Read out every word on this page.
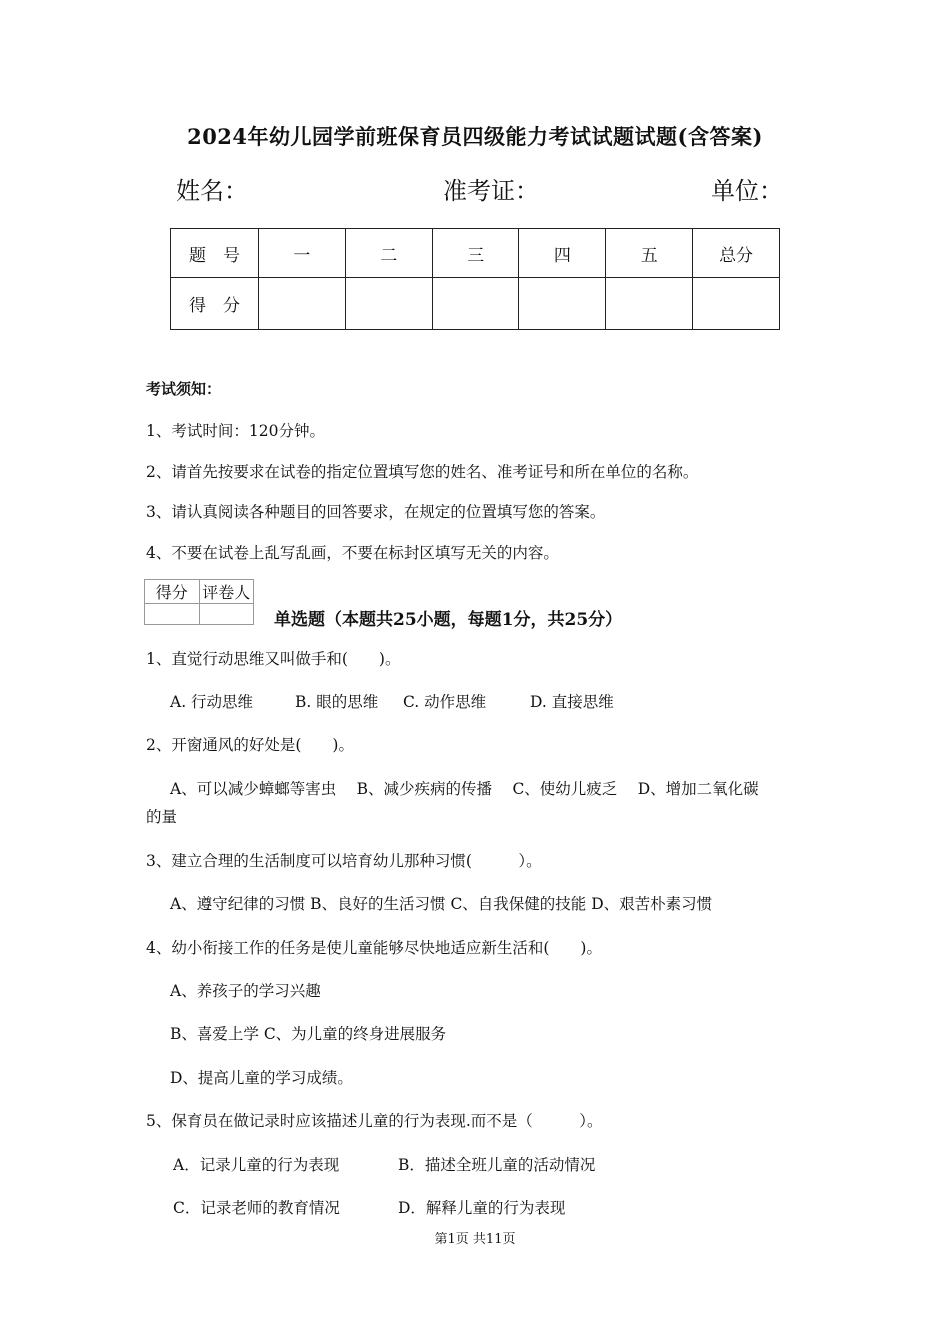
2024年幼儿园学前班保育员四级能力考试试题试题(含答案)
姓名：	准考证：	单位：
题　号	一	二	三	四	五	总分
得　分						
考试须知：
1、考试时间：120分钟。
2、请首先按要求在试卷的指定位置填写您的姓名、准考证号和所在单位的名称。
3、请认真阅读各种题目的回答要求，在规定的位置填写您的答案。
4、不要在试卷上乱写乱画，不要在标封区填写无关的内容。
得分	评卷人

单选题（本题共25小题，每题1分，共25分）
1、直觉行动思维又叫做手和(　　)。
A. 行动思维	B. 眼的思维 C. 动作思维	D. 直接思维
2、开窗通风的好处是(　　)。
A、可以减少蟑螂等害虫　 B、减少疾病的传播　 C、使幼儿疲乏　 D、增加二氧化碳
的量
3、建立合理的生活制度可以培育幼儿那种习惯(　　　）。
A、遵守纪律的习惯 B、良好的生活习惯 C、自我保健的技能 D、艰苦朴素习惯
4、幼小衔接工作的任务是使儿童能够尽快地适应新生活和(　　)。
A、养孩子的学习兴趣
B、喜爱上学 C、为儿童的终身进展服务
D、提高儿童的学习成绩。
5、保育员在做记录时应该描述儿童的行为表现.而不是（　　　）。
A．记录儿童的行为表现	B．描述全班儿童的活动情况
C．记录老师的教育情况	D．解释儿童的行为表现
第1页 共11页
